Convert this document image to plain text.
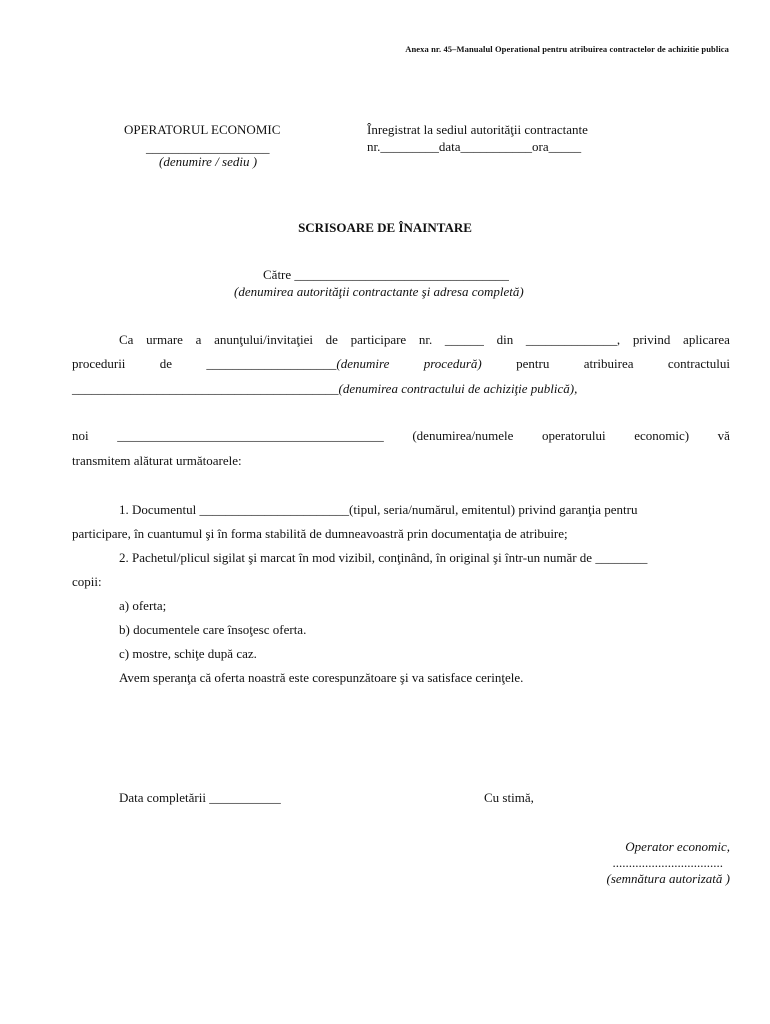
Anexa nr. 45–Manualul Operational pentru atribuirea contractelor de achizitie publica
OPERATORUL ECONOMIC
___________________
(denumire / sediu )
Înregistrat la sediul autorităţii contractante
nr._________data___________ora_____
SCRISOARE DE ÎNAINTARE
Către _________________________________
(denumirea autorităţii contractante şi adresa completă)
Ca urmare a anunţului/invitaţiei de participare nr. ______ din ______________, privind aplicarea
procedurii	de	____________________(denumire	procedură)	pentru	atribuirea	contractului
_________________________________________(denumirea contractului de achiziţie publică),
noi _________________________________________ (denumirea/numele operatorului economic) vă
transmitem alăturat următoarele:
1. Documentul _______________________(tipul, seria/numărul, emitentul) privind garanţia pentru
participare, în cuantumul şi în forma stabilită de dumneavoastră prin documentaţia de atribuire;
2. Pachetul/plicul sigilat şi marcat în mod vizibil, conţinând, în original şi într-un număr de ________
copii:
a) oferta;
b) documentele care însoţesc oferta.
c) mostre, schiţe după caz.
Avem speranţa că oferta noastră este corespunzătoare şi va satisface cerinţele.
Data completării ___________	Cu stimă,
Operator economic,
..................................
(semnătura autorizată )
